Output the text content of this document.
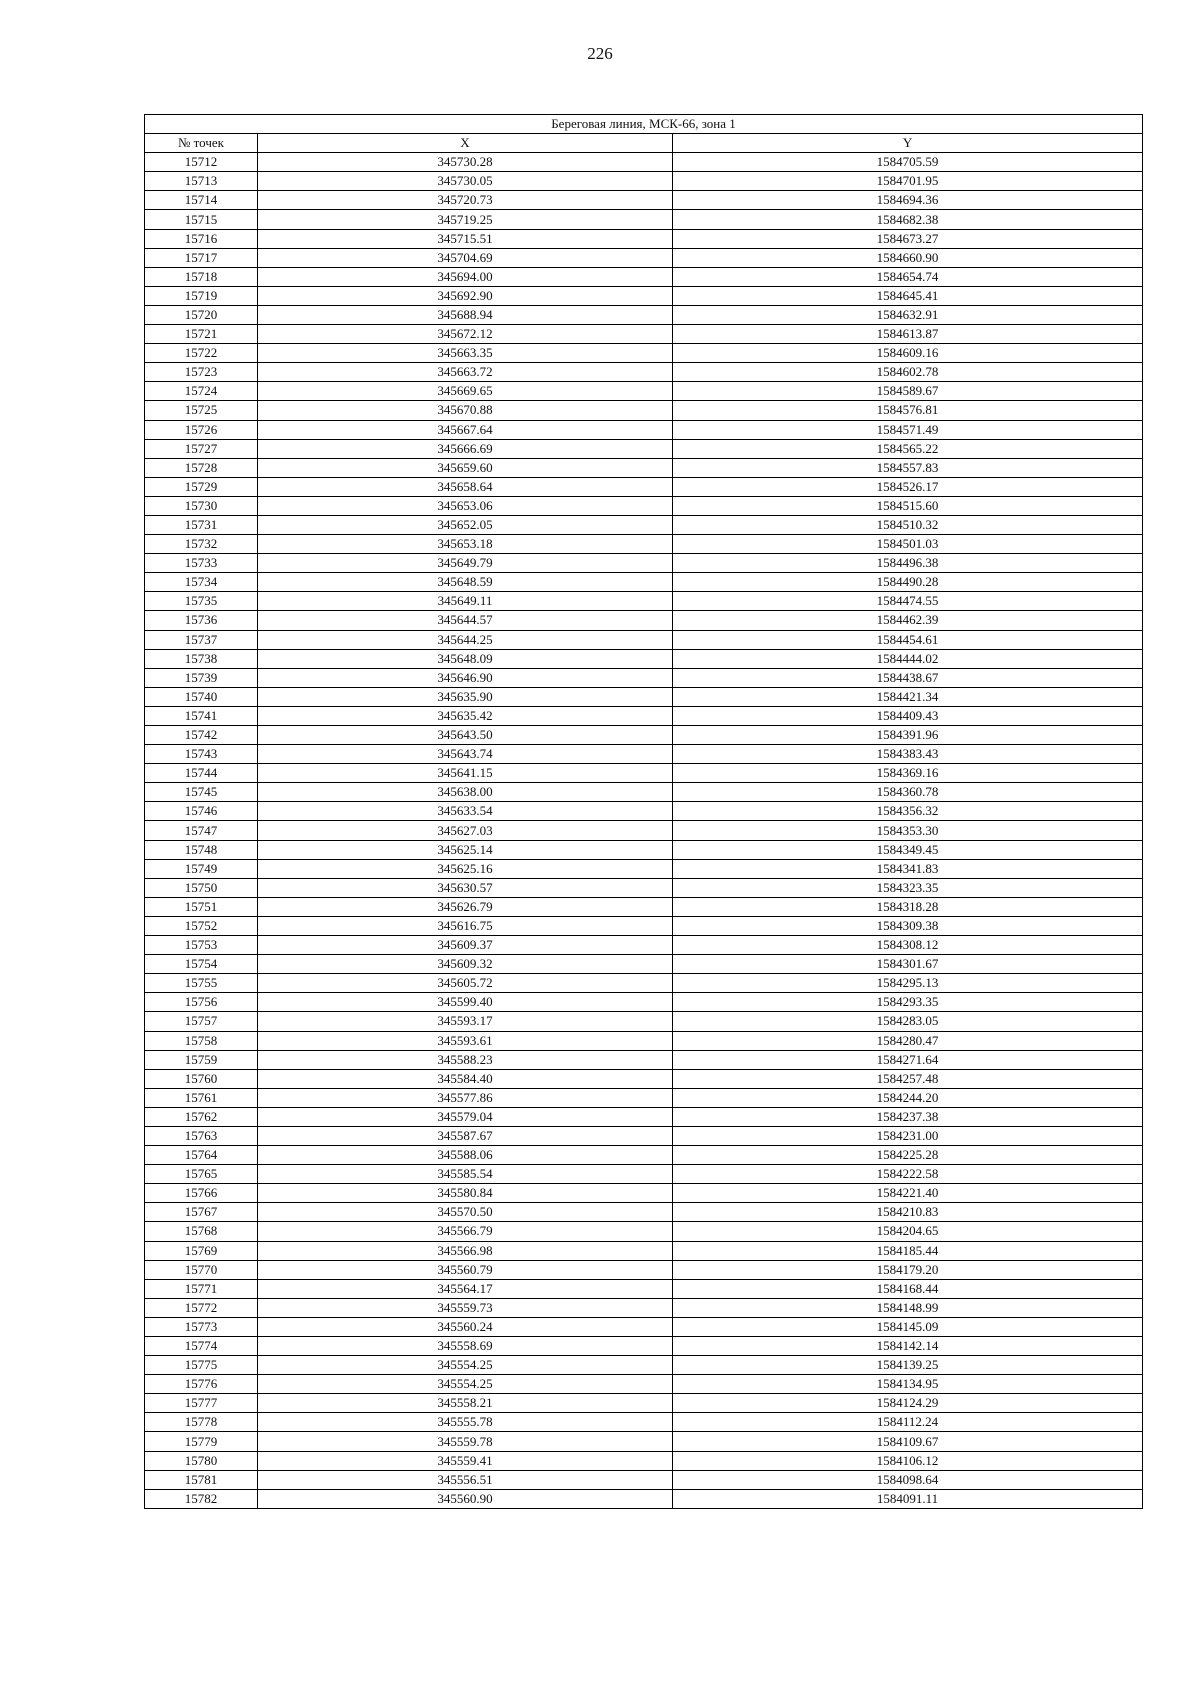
226
Береговая линия, МСК-66, зона 1		
№ точек	X	Y
15712	345730.28	1584705.59
15713	345730.05	1584701.95
15714	345720.73	1584694.36
15715	345719.25	1584682.38
15716	345715.51	1584673.27
15717	345704.69	1584660.90
15718	345694.00	1584654.74
15719	345692.90	1584645.41
15720	345688.94	1584632.91
15721	345672.12	1584613.87
15722	345663.35	1584609.16
15723	345663.72	1584602.78
15724	345669.65	1584589.67
15725	345670.88	1584576.81
15726	345667.64	1584571.49
15727	345666.69	1584565.22
15728	345659.60	1584557.83
15729	345658.64	1584526.17
15730	345653.06	1584515.60
15731	345652.05	1584510.32
15732	345653.18	1584501.03
15733	345649.79	1584496.38
15734	345648.59	1584490.28
15735	345649.11	1584474.55
15736	345644.57	1584462.39
15737	345644.25	1584454.61
15738	345648.09	1584444.02
15739	345646.90	1584438.67
15740	345635.90	1584421.34
15741	345635.42	1584409.43
15742	345643.50	1584391.96
15743	345643.74	1584383.43
15744	345641.15	1584369.16
15745	345638.00	1584360.78
15746	345633.54	1584356.32
15747	345627.03	1584353.30
15748	345625.14	1584349.45
15749	345625.16	1584341.83
15750	345630.57	1584323.35
15751	345626.79	1584318.28
15752	345616.75	1584309.38
15753	345609.37	1584308.12
15754	345609.32	1584301.67
15755	345605.72	1584295.13
15756	345599.40	1584293.35
15757	345593.17	1584283.05
15758	345593.61	1584280.47
15759	345588.23	1584271.64
15760	345584.40	1584257.48
15761	345577.86	1584244.20
15762	345579.04	1584237.38
15763	345587.67	1584231.00
15764	345588.06	1584225.28
15765	345585.54	1584222.58
15766	345580.84	1584221.40
15767	345570.50	1584210.83
15768	345566.79	1584204.65
15769	345566.98	1584185.44
15770	345560.79	1584179.20
15771	345564.17	1584168.44
15772	345559.73	1584148.99
15773	345560.24	1584145.09
15774	345558.69	1584142.14
15775	345554.25	1584139.25
15776	345554.25	1584134.95
15777	345558.21	1584124.29
15778	345555.78	1584112.24
15779	345559.78	1584109.67
15780	345559.41	1584106.12
15781	345556.51	1584098.64
15782	345560.90	1584091.11
